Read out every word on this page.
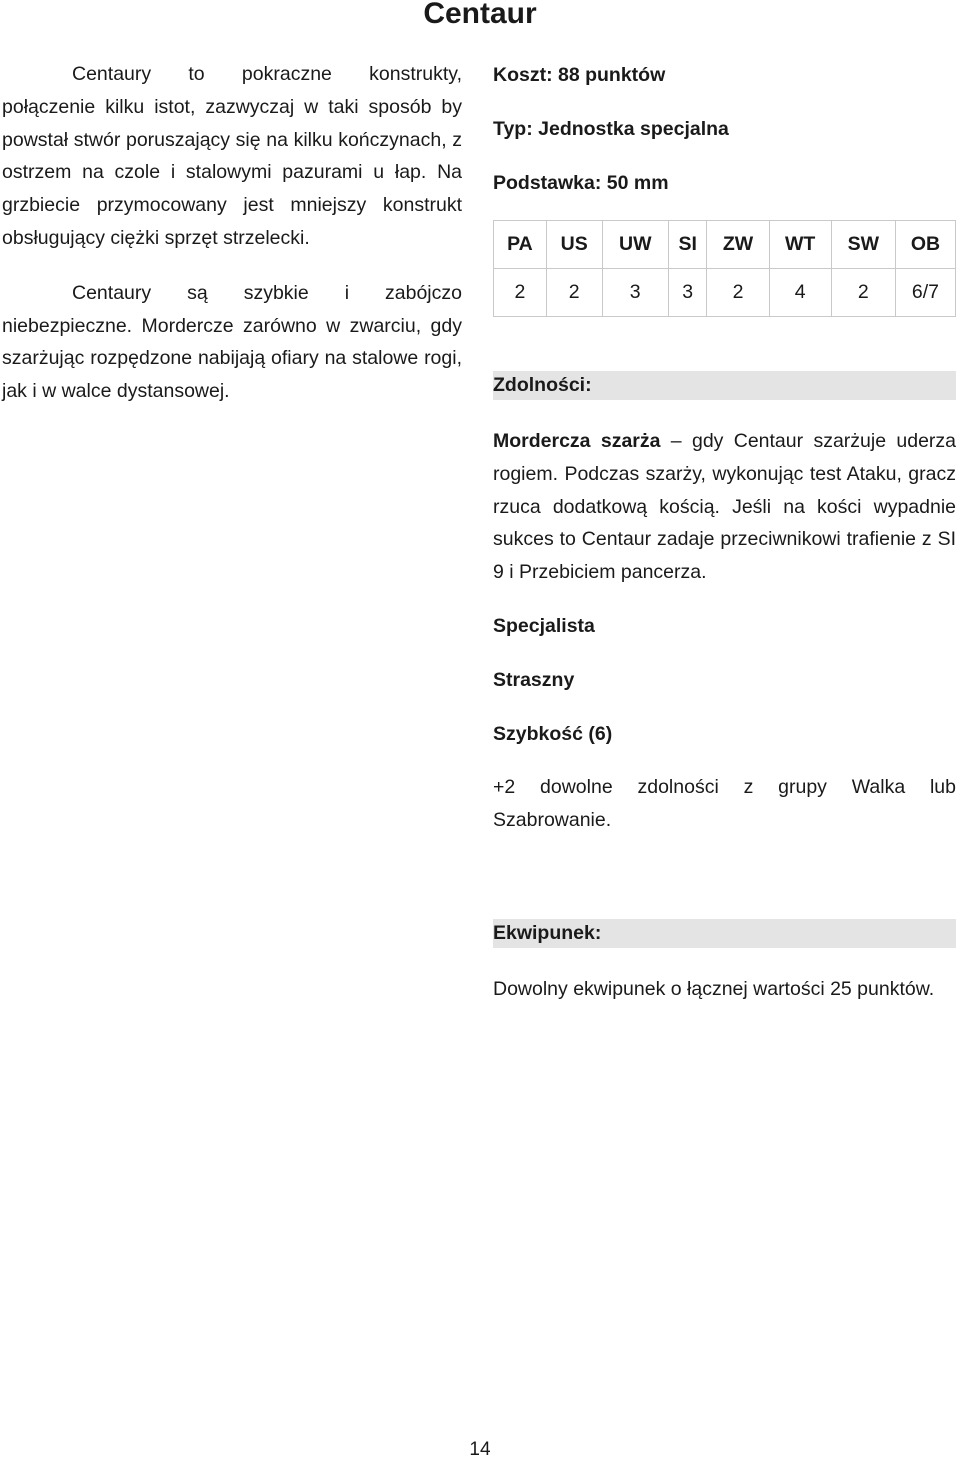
Centaur

Centaury to pokraczne konstrukty, połączenie kilku istot, zazwyczaj w taki sposób by powstał stwór poruszający się na kilku kończynach, z ostrzem na czole i stalowymi pazurami u łap. Na grzbiecie przymocowany jest mniejszy konstrukt obsługujący ciężki sprzęt strzelecki.

Centaury są szybkie i zabójczo niebezpieczne. Mordercze zarówno w zwarciu, gdy szarżując rozpędzone nabijają ofiary na stalowe rogi, jak i w walce dystansowej.

Koszt: 88 punktów

Typ: Jednostka specjalna

Podstawka: 50 mm

PA	US	UW	SI	ZW	WT	SW	OB
2	2	3	3	2	4	2	6/7

Zdolności:

Mordercza szarża – gdy Centaur szarżuje uderza rogiem. Podczas szarży, wykonując test Ataku, gracz rzuca dodatkową kością. Jeśli na kości wypadnie sukces to Centaur zadaje przeciwnikowi trafienie z SI 9 i Przebiciem pancerza.

Specjalista

Straszny

Szybkość (6)

+2 dowolne zdolności z grupy Walka lub Szabrowanie.

Ekwipunek:

Dowolny ekwipunek o łącznej wartości 25 punktów.

14
